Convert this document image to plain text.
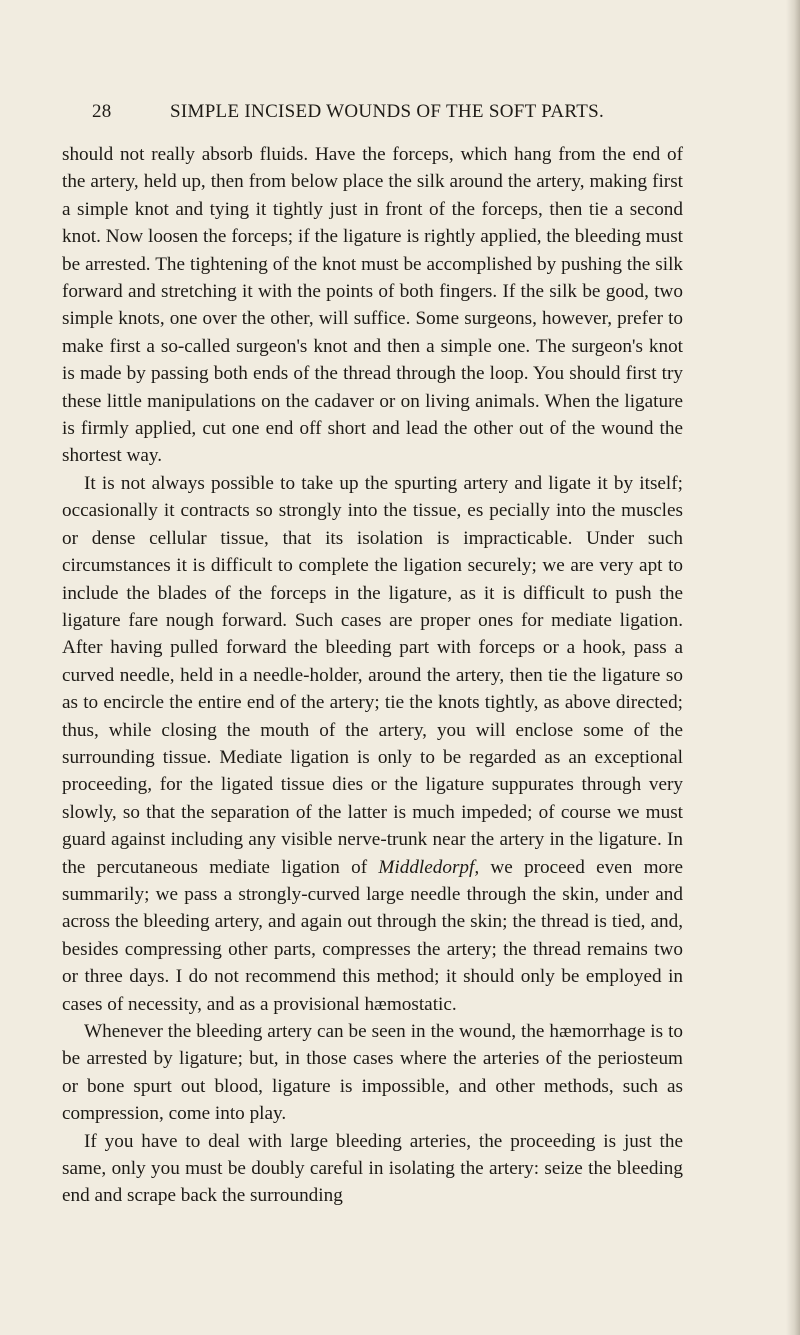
28	SIMPLE INCISED WOUNDS OF THE SOFT PARTS.

should not really absorb fluids. Have the forceps, which hang from the end of the artery, held up, then from below place the silk around the artery, making first a simple knot and tying it tightly just in front of the forceps, then tie a second knot. Now loosen the forceps; if the ligature is rightly applied, the bleeding must be arrested. The tightening of the knot must be accomplished by pushing the silk forward and stretching it with the points of both fingers. If the silk be good, two simple knots, one over the other, will suffice. Some surgeons, however, prefer to make first a so-called surgeon's knot and then a simple one. The surgeon's knot is made by passing both ends of the thread through the loop. You should first try these little manipulations on the cadaver or on living animals. When the ligature is firmly applied, cut one end off short and lead the other out of the wound the shortest way.

It is not always possible to take up the spurting artery and ligate it by itself; occasionally it contracts so strongly into the tissue, es pecially into the muscles or dense cellular tissue, that its isolation is impracticable. Under such circumstances it is difficult to complete the ligation securely; we are very apt to include the blades of the forceps in the ligature, as it is difficult to push the ligature fare nough forward. Such cases are proper ones for mediate ligation. After having pulled forward the bleeding part with forceps or a hook, pass a curved needle, held in a needle-holder, around the artery, then tie the ligature so as to encircle the entire end of the artery; tie the knots tightly, as above directed; thus, while closing the mouth of the artery, you will enclose some of the surrounding tissue. Mediate ligation is only to be regarded as an exceptional proceeding, for the ligated tissue dies or the ligature suppurates through very slowly, so that the separation of the latter is much impeded; of course we must guard against including any visible nerve-trunk near the artery in the ligature. In the percutaneous mediate ligation of Middledorpf, we proceed even more summarily; we pass a strongly-curved large needle through the skin, under and across the bleeding artery, and again out through the skin; the thread is tied, and, besides compressing other parts, compresses the artery; the thread remains two or three days. I do not recommend this method; it should only be employed in cases of necessity, and as a provisional hæmostatic.

Whenever the bleeding artery can be seen in the wound, the hæmorrhage is to be arrested by ligature; but, in those cases where the arteries of the periosteum or bone spurt out blood, ligature is impossible, and other methods, such as compression, come into play.

If you have to deal with large bleeding arteries, the proceeding is just the same, only you must be doubly careful in isolating the artery: seize the bleeding end and scrape back the surrounding
